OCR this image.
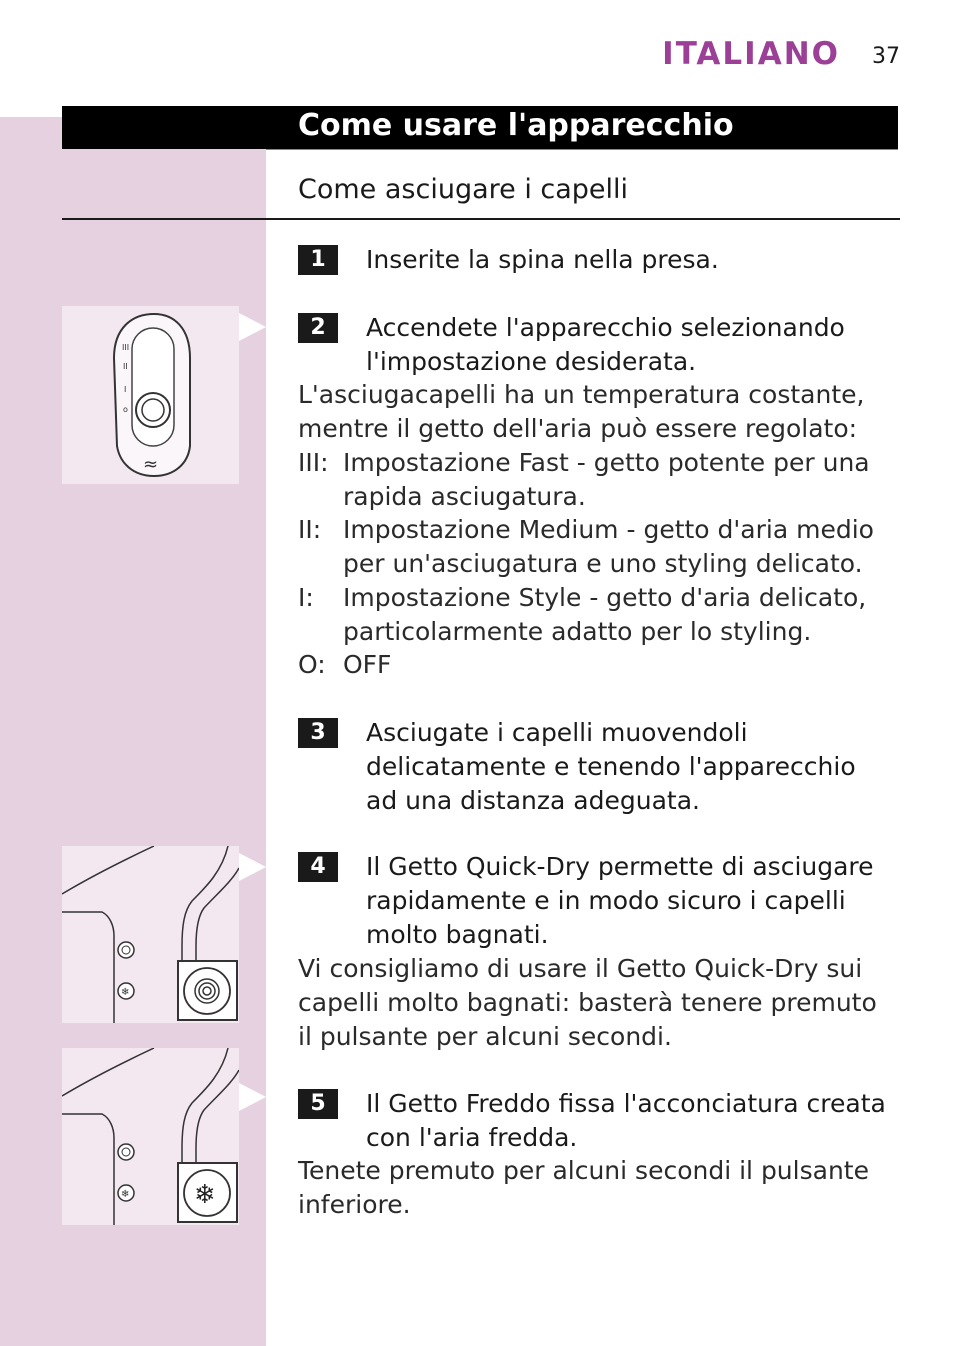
ITALIANO 37
Come usare l'apparecchio
Come asciugare i capelli
III
II
I
o
≈
❄
❄ ❄
1	Inserite la spina nella presa.
2	Accendete l'apparecchio selezionando l'impostazione desiderata.
L'asciugacapelli ha un temperatura costante, mentre il getto dell'aria può essere regolato:
III: Impostazione Fast - getto potente per una rapida asciugatura.
II: Impostazione Medium - getto d'aria medio per un'asciugatura e uno styling delicato.
I: Impostazione Style - getto d'aria delicato, particolarmente adatto per lo styling.
O: OFF
3	Asciugate i capelli muovendoli delicatamente e tenendo l'apparecchio ad una distanza adeguata.
4	Il Getto Quick-Dry permette di asciugare rapidamente e in modo sicuro i capelli molto bagnati.
Vi consigliamo di usare il Getto Quick-Dry sui capelli molto bagnati: basterà tenere premuto il pulsante per alcuni secondi.
5	Il Getto Freddo fissa l'acconciatura creata con l'aria fredda.
Tenete premuto per alcuni secondi il pulsante inferiore.
